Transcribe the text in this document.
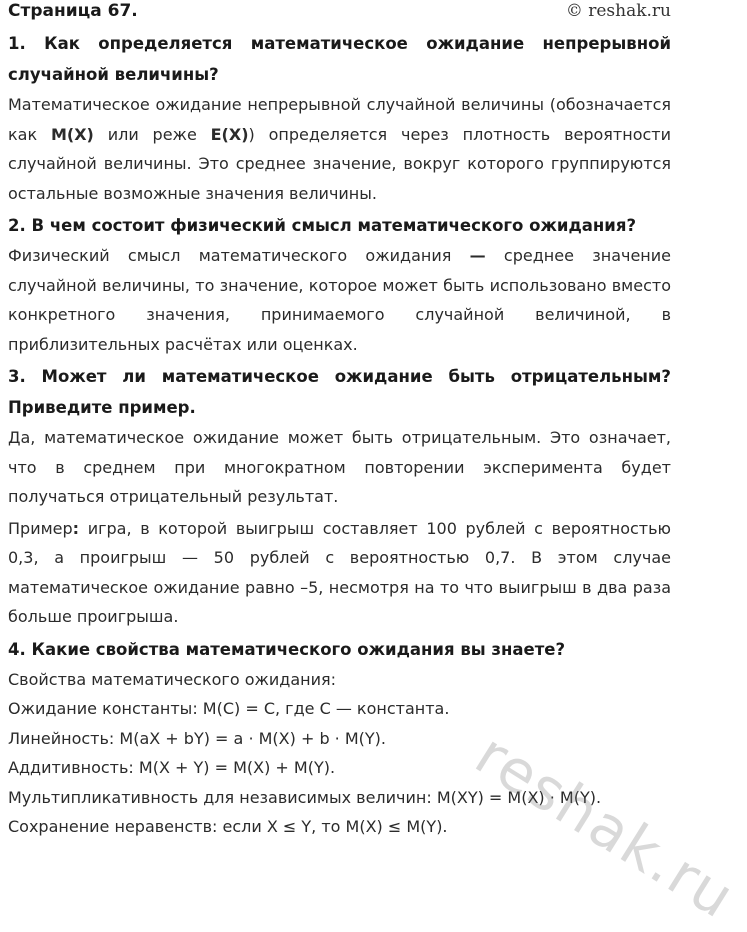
Страница 67.	© reshak.ru

1. Как определяется математическое ожидание непрерывной случайной величины?

Математическое ожидание непрерывной случайной величины (обозначается как M(X) или реже E(X)) определяется через плотность вероятности случайной величины. Это среднее значение, вокруг которого группируются остальные возможные значения величины.

2. В чем состоит физический смысл математического ожидания?

Физический смысл математического ожидания — среднее значение случайной величины, то значение, которое может быть использовано вместо конкретного значения, принимаемого случайной величиной, в приблизительных расчётах или оценках.

3. Может ли математическое ожидание быть отрицательным? Приведите пример.

Да, математическое ожидание может быть отрицательным. Это означает, что в среднем при многократном повторении эксперимента будет получаться отрицательный результат.

Пример: игра, в которой выигрыш составляет 100 рублей с вероятностью 0,3, а проигрыш — 50 рублей с вероятностью 0,7. В этом случае математическое ожидание равно –5, несмотря на то что выигрыш в два раза больше проигрыша.

4. Какие свойства математического ожидания вы знаете?

Свойства математического ожидания:

Ожидание константы: M(C) = C, где C — константа.

Линейность: M(aX + bY) = a · M(X) + b · M(Y).

Аддитивность: M(X + Y) = M(X) + M(Y).

Мультипликативность для независимых величин: M(XY) = M(X) · M(Y).

Сохранение неравенств: если X ≤ Y, то M(X) ≤ M(Y). reshak.ru
